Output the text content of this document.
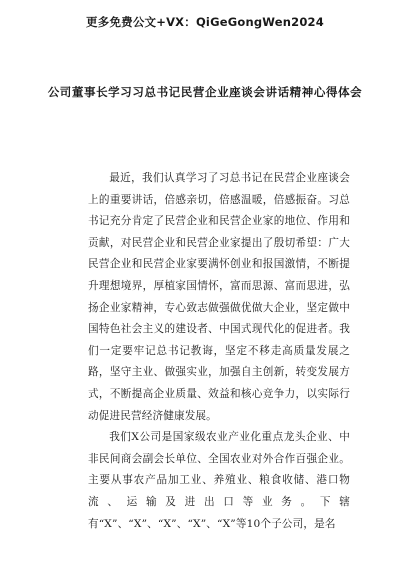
更多免费公文+VX：QiGeGongWen2024
公司董事长学习习总书记民营企业座谈会讲话精神心得体会

最近，我们认真学习了习总书记在民营企业座谈会上的重要讲话，倍感亲切，倍感温暖，倍感振奋。习总书记充分肯定了民营企业和民营企业家的地位、作用和贡献，对民营企业和民营企业家提出了殷切希望：广大民营企业和民营企业家要满怀创业和报国激情，不断提升理想境界，厚植家国情怀，富而思源、富而思进，弘扬企业家精神，专心致志做强做优做大企业，坚定做中国特色社会主义的建设者、中国式现代化的促进者。我们一定要牢记总书记教诲，坚定不移走高质量发展之路，坚守主业、做强实业，加强自主创新，转变发展方式，不断提高企业质量、效益和核心竞争力，以实际行动促进民营经济健康发展。

我们X公司是国家级农业产业化重点龙头企业、中非民间商会副会长单位、全国农业对外合作百强企业。主要从事农产品加工业、养殖业、粮食收储、港口物流、运输及进出口等业务。下辖有“X”、“X”、“X”、“X”、“X”等10个子公司，是名
